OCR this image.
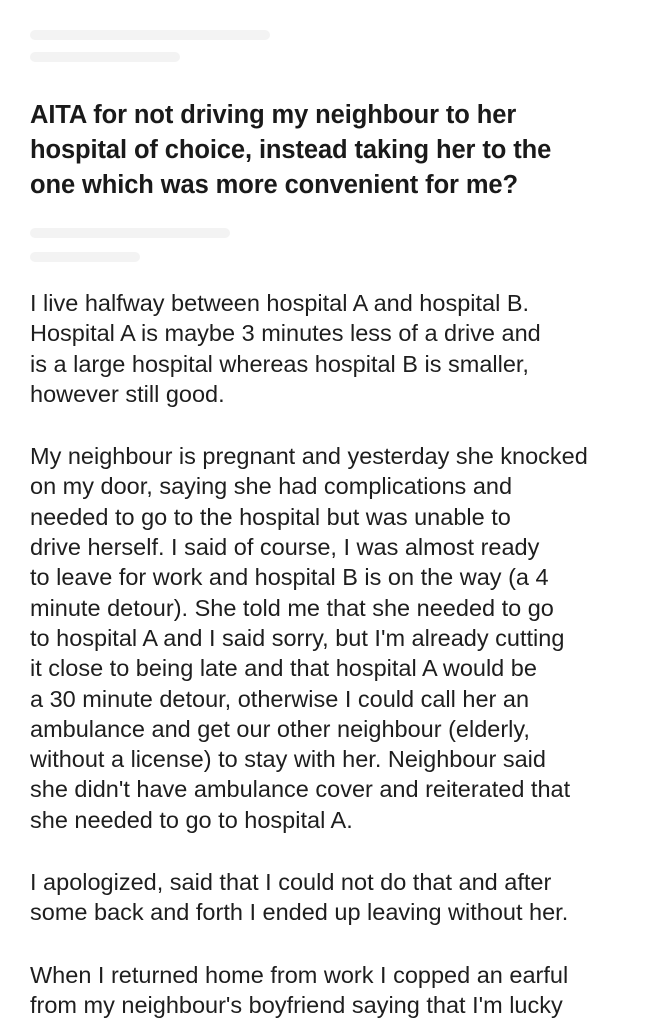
AITA for not driving my neighbour to her
hospital of choice, instead taking her to the
one which was more convenient for me?

I live halfway between hospital A and hospital B.
Hospital A is maybe 3 minutes less of a drive and
is a large hospital whereas hospital B is smaller,
however still good.

My neighbour is pregnant and yesterday she knocked
on my door, saying she had complications and
needed to go to the hospital but was unable to
drive herself. I said of course, I was almost ready
to leave for work and hospital B is on the way (a 4
minute detour). She told me that she needed to go
to hospital A and I said sorry, but I'm already cutting
it close to being late and that hospital A would be
a 30 minute detour, otherwise I could call her an
ambulance and get our other neighbour (elderly,
without a license) to stay with her. Neighbour said
she didn't have ambulance cover and reiterated that
she needed to go to hospital A.

I apologized, said that I could not do that and after
some back and forth I ended up leaving without her.

When I returned home from work I copped an earful
from my neighbour's boyfriend saying that I'm lucky
